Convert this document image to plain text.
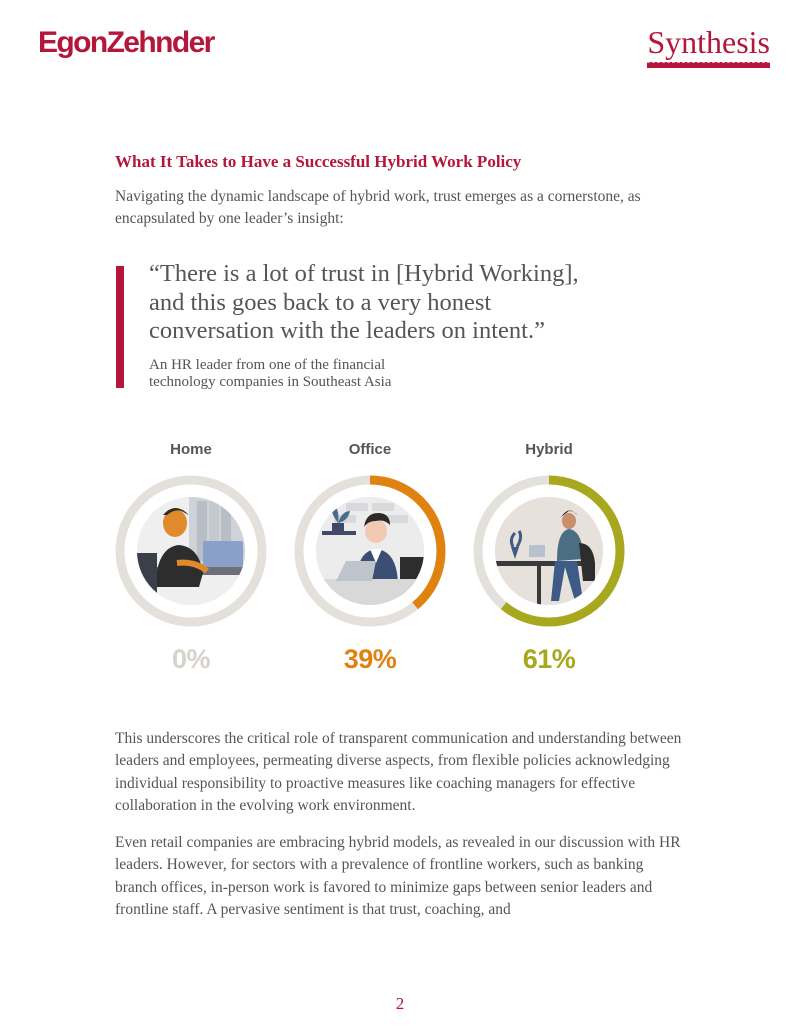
EgonZehnder	Synthesis
What It Takes to Have a Successful Hybrid Work Policy
Navigating the dynamic landscape of hybrid work, trust emerges as a cornerstone, as encapsulated by one leader’s insight:
“There is a lot of trust in [Hybrid Working], and this goes back to a very honest conversation with the leaders on intent.”
An HR leader from one of the financial technology companies in Southeast Asia
Home
0%
Office
39%
Hybrid
61%
This underscores the critical role of transparent communication and understanding between leaders and employees, permeating diverse aspects, from flexible policies acknowledging individual responsibility to proactive measures like coaching managers for effective collaboration in the evolving work environment.
Even retail companies are embracing hybrid models, as revealed in our discussion with HR leaders. However, for sectors with a prevalence of frontline workers, such as banking branch offices, in-person work is favored to minimize gaps between senior leaders and frontline staff. A pervasive sentiment is that trust, coaching, and
2
